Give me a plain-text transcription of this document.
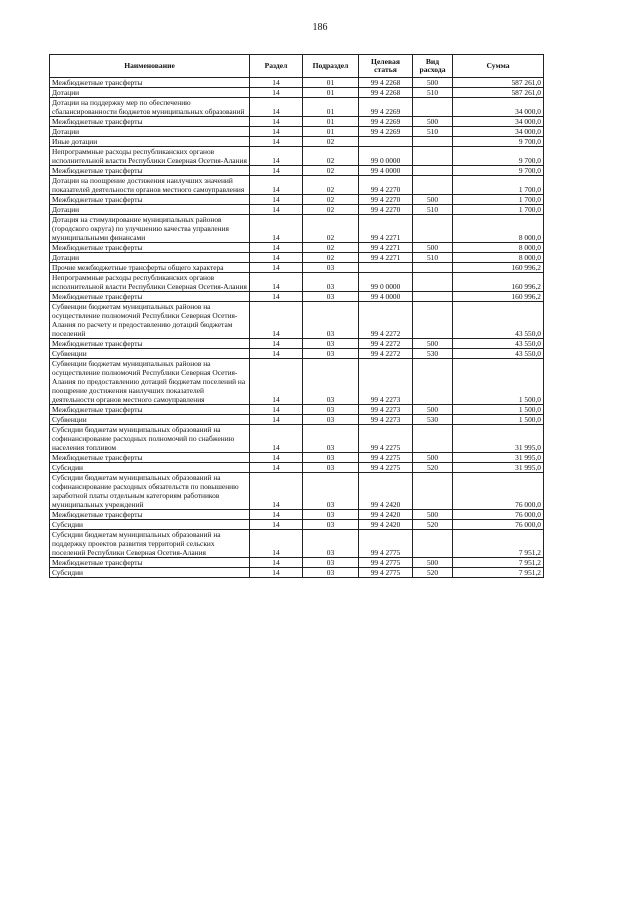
186
Наименование	Раздел	Подраздел	Целевая статья	Вид расхода	Сумма
Межбюджетные трансферты	14	01	99 4 2268	500	587 261,0
Дотации	14	01	99 4 2268	510	587 261,0
Дотации на поддержку мер по обеспечению сбалансированности бюджетов муниципальных образований	14	01	99 4 2269		34 000,0
Межбюджетные трансферты	14	01	99 4 2269	500	34 000,0
Дотации	14	01	99 4 2269	510	34 000,0
Иные дотации	14	02			9 700,0
Непрограммные расходы республиканских органов исполнительной власти Республики Северная Осетия-Алания	14	02	99 0 0000		9 700,0
Межбюджетные трансферты	14	02	99 4 0000		9 700,0
Дотации на поощрение достижения наилучших значений показателей деятельности органов местного самоуправления	14	02	99 4 2270		1 700,0
Межбюджетные трансферты	14	02	99 4 2270	500	1 700,0
Дотации	14	02	99 4 2270	510	1 700,0
Дотация на стимулирование муниципальных районов (городского округа) по улучшению качества управления муниципальными финансами	14	02	99 4 2271		8 000,0
Межбюджетные трансферты	14	02	99 4 2271	500	8 000,0
Дотации	14	02	99 4 2271	510	8 000,0
Прочие межбюджетные трансферты общего характера	14	03			160 996,2
Непрограммные расходы республиканских органов исполнительной власти Республики Северная Осетия-Алания	14	03	99 0 0000		160 996,2
Межбюджетные трансферты	14	03	99 4 0000		160 996,2
Субвенции бюджетам муниципальных районов на осуществление полномочий Республики Северная Осетия-Алания по расчету и предоставлению дотаций бюджетам поселений	14	03	99 4 2272		43 550,0
Межбюджетные трансферты	14	03	99 4 2272	500	43 550,0
Субвенции	14	03	99 4 2272	530	43 550,0
Субвенции бюджетам муниципальных районов на осуществление полномочий Республики Северная Осетия-Алания по предоставлению дотаций бюджетам поселений на поощрение достижения наилучших показателей деятельности органов местного самоуправления	14	03	99 4 2273		1 500,0
Межбюджетные трансферты	14	03	99 4 2273	500	1 500,0
Субвенции	14	03	99 4 2273	530	1 500,0
Субсидии бюджетам муниципальных образований на софинансирование расходных полномочий по снабжению населения топливом	14	03	99 4 2275		31 995,0
Межбюджетные трансферты	14	03	99 4 2275	500	31 995,0
Субсидии	14	03	99 4 2275	520	31 995,0
Субсидии бюджетам муниципальных образований на софинансирование расходных обязательств по повышению заработной платы отдельным категориям работников муниципальных учреждений	14	03	99 4 2420		76 000,0
Межбюджетные трансферты	14	03	99 4 2420	500	76 000,0
Субсидии	14	03	99 4 2420	520	76 000,0
Субсидии бюджетам муниципальных образований на поддержку проектов развития территорий сельских поселений Республики Северная Осетия-Алания	14	03	99 4 2775		7 951,2
Межбюджетные трансферты	14	03	99 4 2775	500	7 951,2
Субсидии	14	03	99 4 2775	520	7 951,2
